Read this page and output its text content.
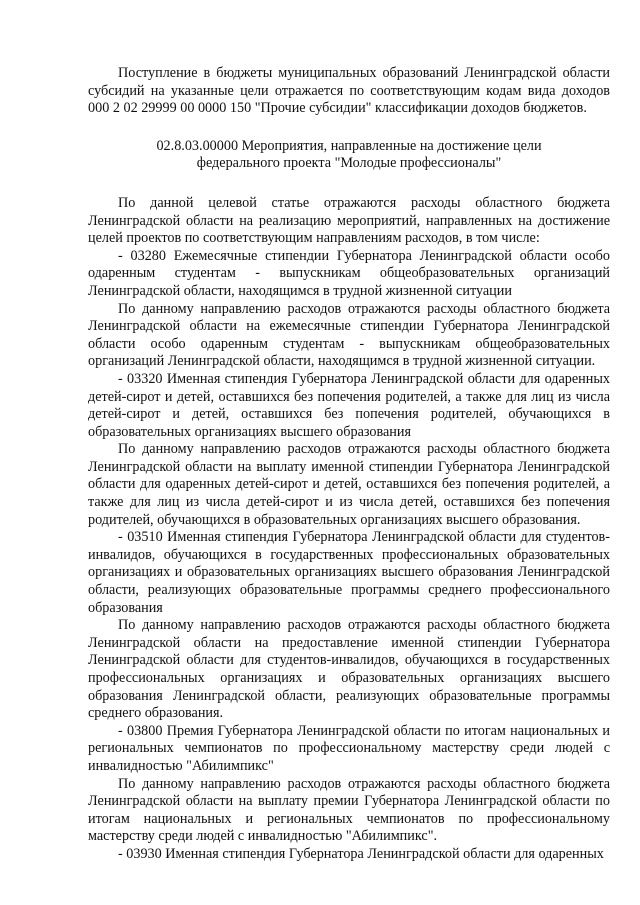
Поступление в бюджеты муниципальных образований Ленинградской области субсидий на указанные цели отражается по соответствующим кодам вида доходов 000 2 02 29999 00 0000 150 "Прочие субсидии" классификации доходов бюджетов.

02.8.03.00000 Мероприятия, направленные на достижение цели
федерального проекта "Молодые профессионалы"

По данной целевой статье отражаются расходы областного бюджета Ленинградской области на реализацию мероприятий, направленных на достижение целей проектов по соответствующим направлениям расходов, в том числе:

- 03280 Ежемесячные стипендии Губернатора Ленинградской области особо одаренным студентам - выпускникам общеобразовательных организаций Ленинградской области, находящимся в трудной жизненной ситуации

По данному направлению расходов отражаются расходы областного бюджета Ленинградской области на ежемесячные стипендии Губернатора Ленинградской области особо одаренным студентам - выпускникам общеобразовательных организаций Ленинградской области, находящимся в трудной жизненной ситуации.

- 03320 Именная стипендия Губернатора Ленинградской области для одаренных детей-сирот и детей, оставшихся без попечения родителей, а также для лиц из числа детей-сирот и детей, оставшихся без попечения родителей, обучающихся в образовательных организациях высшего образования

По данному направлению расходов отражаются расходы областного бюджета Ленинградской области на выплату именной стипендии Губернатора Ленинградской области для одаренных детей-сирот и детей, оставшихся без попечения родителей, а также для лиц из числа детей-сирот и из числа детей, оставшихся без попечения родителей, обучающихся в образовательных организациях высшего образования.

- 03510 Именная стипендия Губернатора Ленинградской области для студентов-инвалидов, обучающихся в государственных профессиональных образовательных организациях и образовательных организациях высшего образования Ленинградской области, реализующих образовательные программы среднего профессионального образования

По данному направлению расходов отражаются расходы областного бюджета Ленинградской области на предоставление именной стипендии Губернатора Ленинградской области для студентов-инвалидов, обучающихся в государственных профессиональных организациях и образовательных организациях высшего образования Ленинградской области, реализующих образовательные программы среднего образования.

- 03800 Премия Губернатора Ленинградской области по итогам национальных и региональных чемпионатов по профессиональному мастерству среди людей с инвалидностью "Абилимпикс"

По данному направлению расходов отражаются расходы областного бюджета Ленинградской области на выплату премии Губернатора Ленинградской области по итогам национальных и региональных чемпионатов по профессиональному мастерству среди людей с инвалидностью "Абилимпикс".

- 03930 Именная стипендия Губернатора Ленинградской области для одаренных
